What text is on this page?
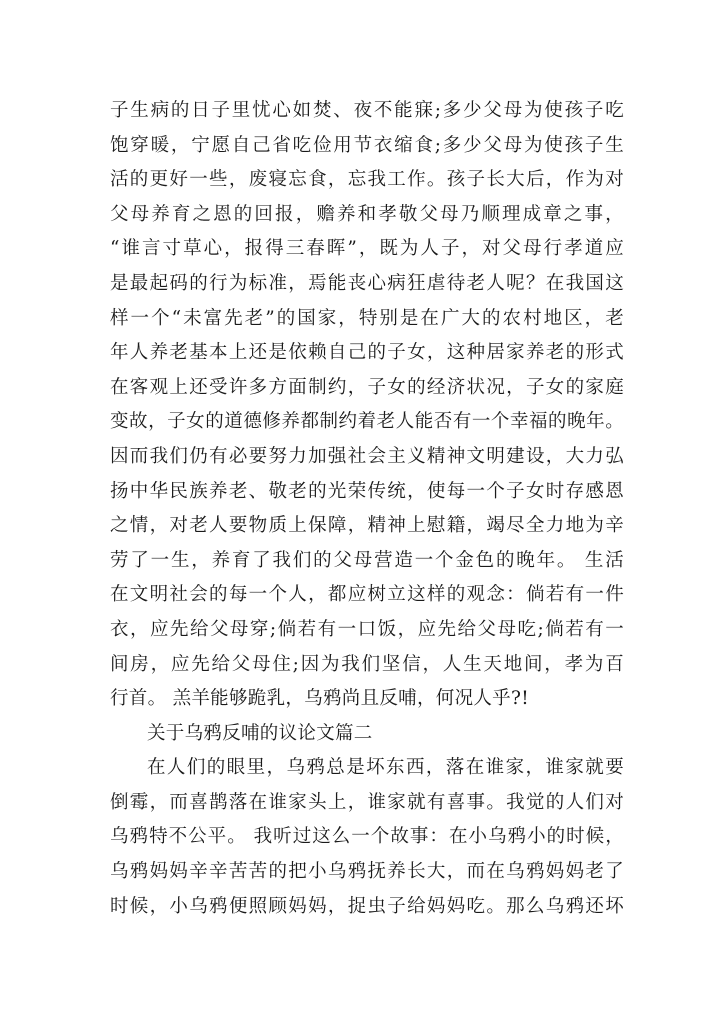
子生病的日子里忧心如焚、夜不能寐;多少父母为使孩子吃
饱穿暖，宁愿自己省吃俭用节衣缩食;多少父母为使孩子生
活的更好一些，废寝忘食，忘我工作。孩子长大后，作为对
父母养育之恩的回报，赡养和孝敬父母乃顺理成章之事，
“谁言寸草心，报得三春晖”，既为人子，对父母行孝道应
是最起码的行为标准，焉能丧心病狂虐待老人呢？在我国这
样一个“未富先老”的国家，特别是在广大的农村地区，老
年人养老基本上还是依赖自己的子女，这种居家养老的形式
在客观上还受许多方面制约，子女的经济状况，子女的家庭
变故，子女的道德修养都制约着老人能否有一个幸福的晚年。
因而我们仍有必要努力加强社会主义精神文明建设，大力弘
扬中华民族养老、敬老的光荣传统，使每一个子女时存感恩
之情，对老人要物质上保障，精神上慰籍，竭尽全力地为辛
劳了一生，养育了我们的父母营造一个金色的晚年。 生活
在文明社会的每一个人，都应树立这样的观念：倘若有一件
衣，应先给父母穿;倘若有一口饭，应先给父母吃;倘若有一
间房，应先给父母住;因为我们坚信，人生天地间，孝为百
行首。 羔羊能够跪乳，乌鸦尚且反哺，何况人乎?!
关于乌鸦反哺的议论文篇二
在人们的眼里，乌鸦总是坏东西，落在谁家，谁家就要
倒霉，而喜鹊落在谁家头上，谁家就有喜事。我觉的人们对
乌鸦特不公平。 我听过这么一个故事：在小乌鸦小的时候，
乌鸦妈妈辛辛苦苦的把小乌鸦抚养长大，而在乌鸦妈妈老了
时候，小乌鸦便照顾妈妈，捉虫子给妈妈吃。那么乌鸦还坏
